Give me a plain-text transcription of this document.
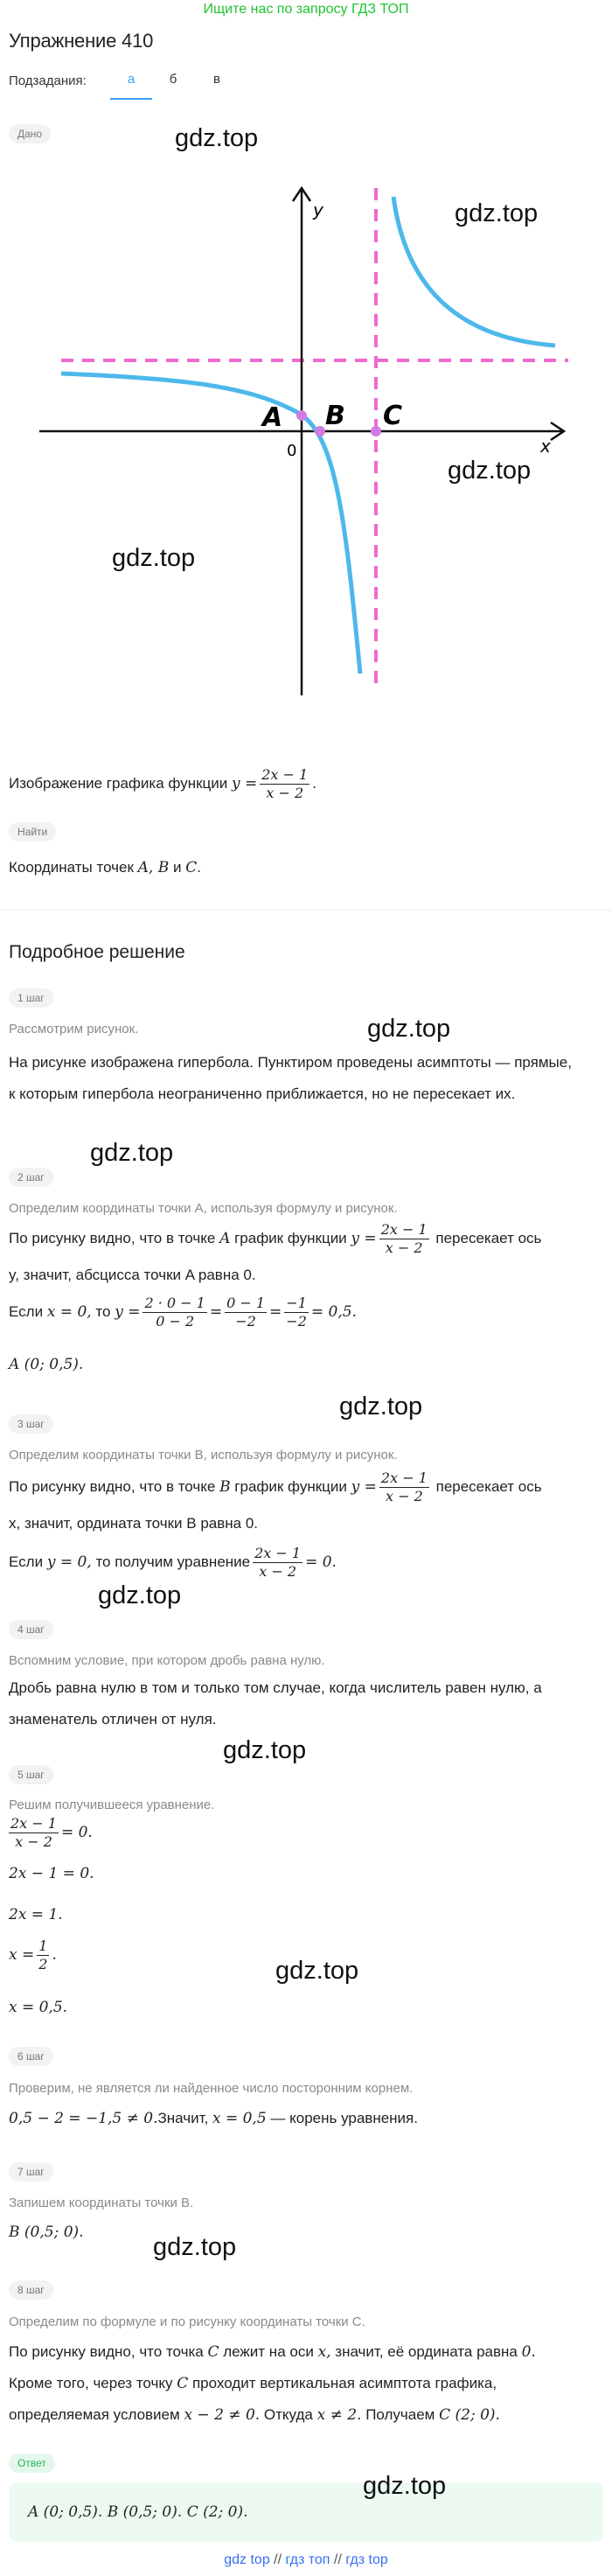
Ищите нас по запросу ГДЗ ТОП
Упражнение 410
Подзадания:	а	б	в
Дано
y
x
0
A B C
gdz.top
gdz.top
gdz.top
gdz.top
Изображение графика функции $y = \frac{2x - 1}{x - 2}$ .
Найти
Координаты точек A, B и C.
Подробное решение
1 шаг
Рассмотрим рисунок.	gdz.top
На рисунке изображена гипербола. Пунктиром проведены асимптоты — прямые, к которым гипербола неограниченно приближается, но не пересекает их.
2 шаг
gdz.top
Определим координаты точки A, используя формулу и рисунок.
По рисунку видно, что в точке A график функции $y = \frac{2x - 1}{x - 2}$ пересекает ось
y, значит, абсцисса точки A равна 0.
Если x = 0, то $y = \frac{2 \cdot 0 - 1}{0 - 2} = \frac{0 - 1}{-2} = \frac{-1}{-2} = 0,5$.
A (0; 0,5).
gdz.top
3 шаг
Определим координаты точки B, используя формулу и рисунок.
По рисунку видно, что в точке B график функции $y = \frac{2x - 1}{x - 2}$ пересекает ось
x, значит, ордината точки B равна 0.
Если y = 0, то получим уравнение $\frac{2x - 1}{x - 2} = 0$.
gdz.top
4 шаг
Вспомним условие, при котором дробь равна нулю.
Дробь равна нулю в том и только том случае, когда числитель равен нулю, а знаменатель отличен от нуля.
gdz.top
5 шаг
Решим получившееся уравнение.
$\frac{2x - 1}{x - 2} = 0$.
2x − 1 = 0.
2x = 1.
$x = \frac{1}{2}$ .
gdz.top
x = 0,5.
6 шаг
Проверим, не является ли найденное число посторонним корнем.
0,5 − 2 = −1,5 ≠ 0.Значит, x = 0,5 — корень уравнения.
7 шаг
Запишем координаты точки B.
B (0,5; 0).
gdz.top
8 шаг
Определим по формуле и по рисунку координаты точки C.
По рисунку видно, что точка C лежит на оси x, значит, её ордината равна 0.
Кроме того, через точку C проходит вертикальная асимптота графика,
определяемая условием x − 2 ≠ 0. Откуда x ≠ 2. Получаем C (2; 0).
Ответ
A (0; 0,5). B (0,5; 0). C (2; 0).
gdz.top
gdz top // гдз топ // гдз top
